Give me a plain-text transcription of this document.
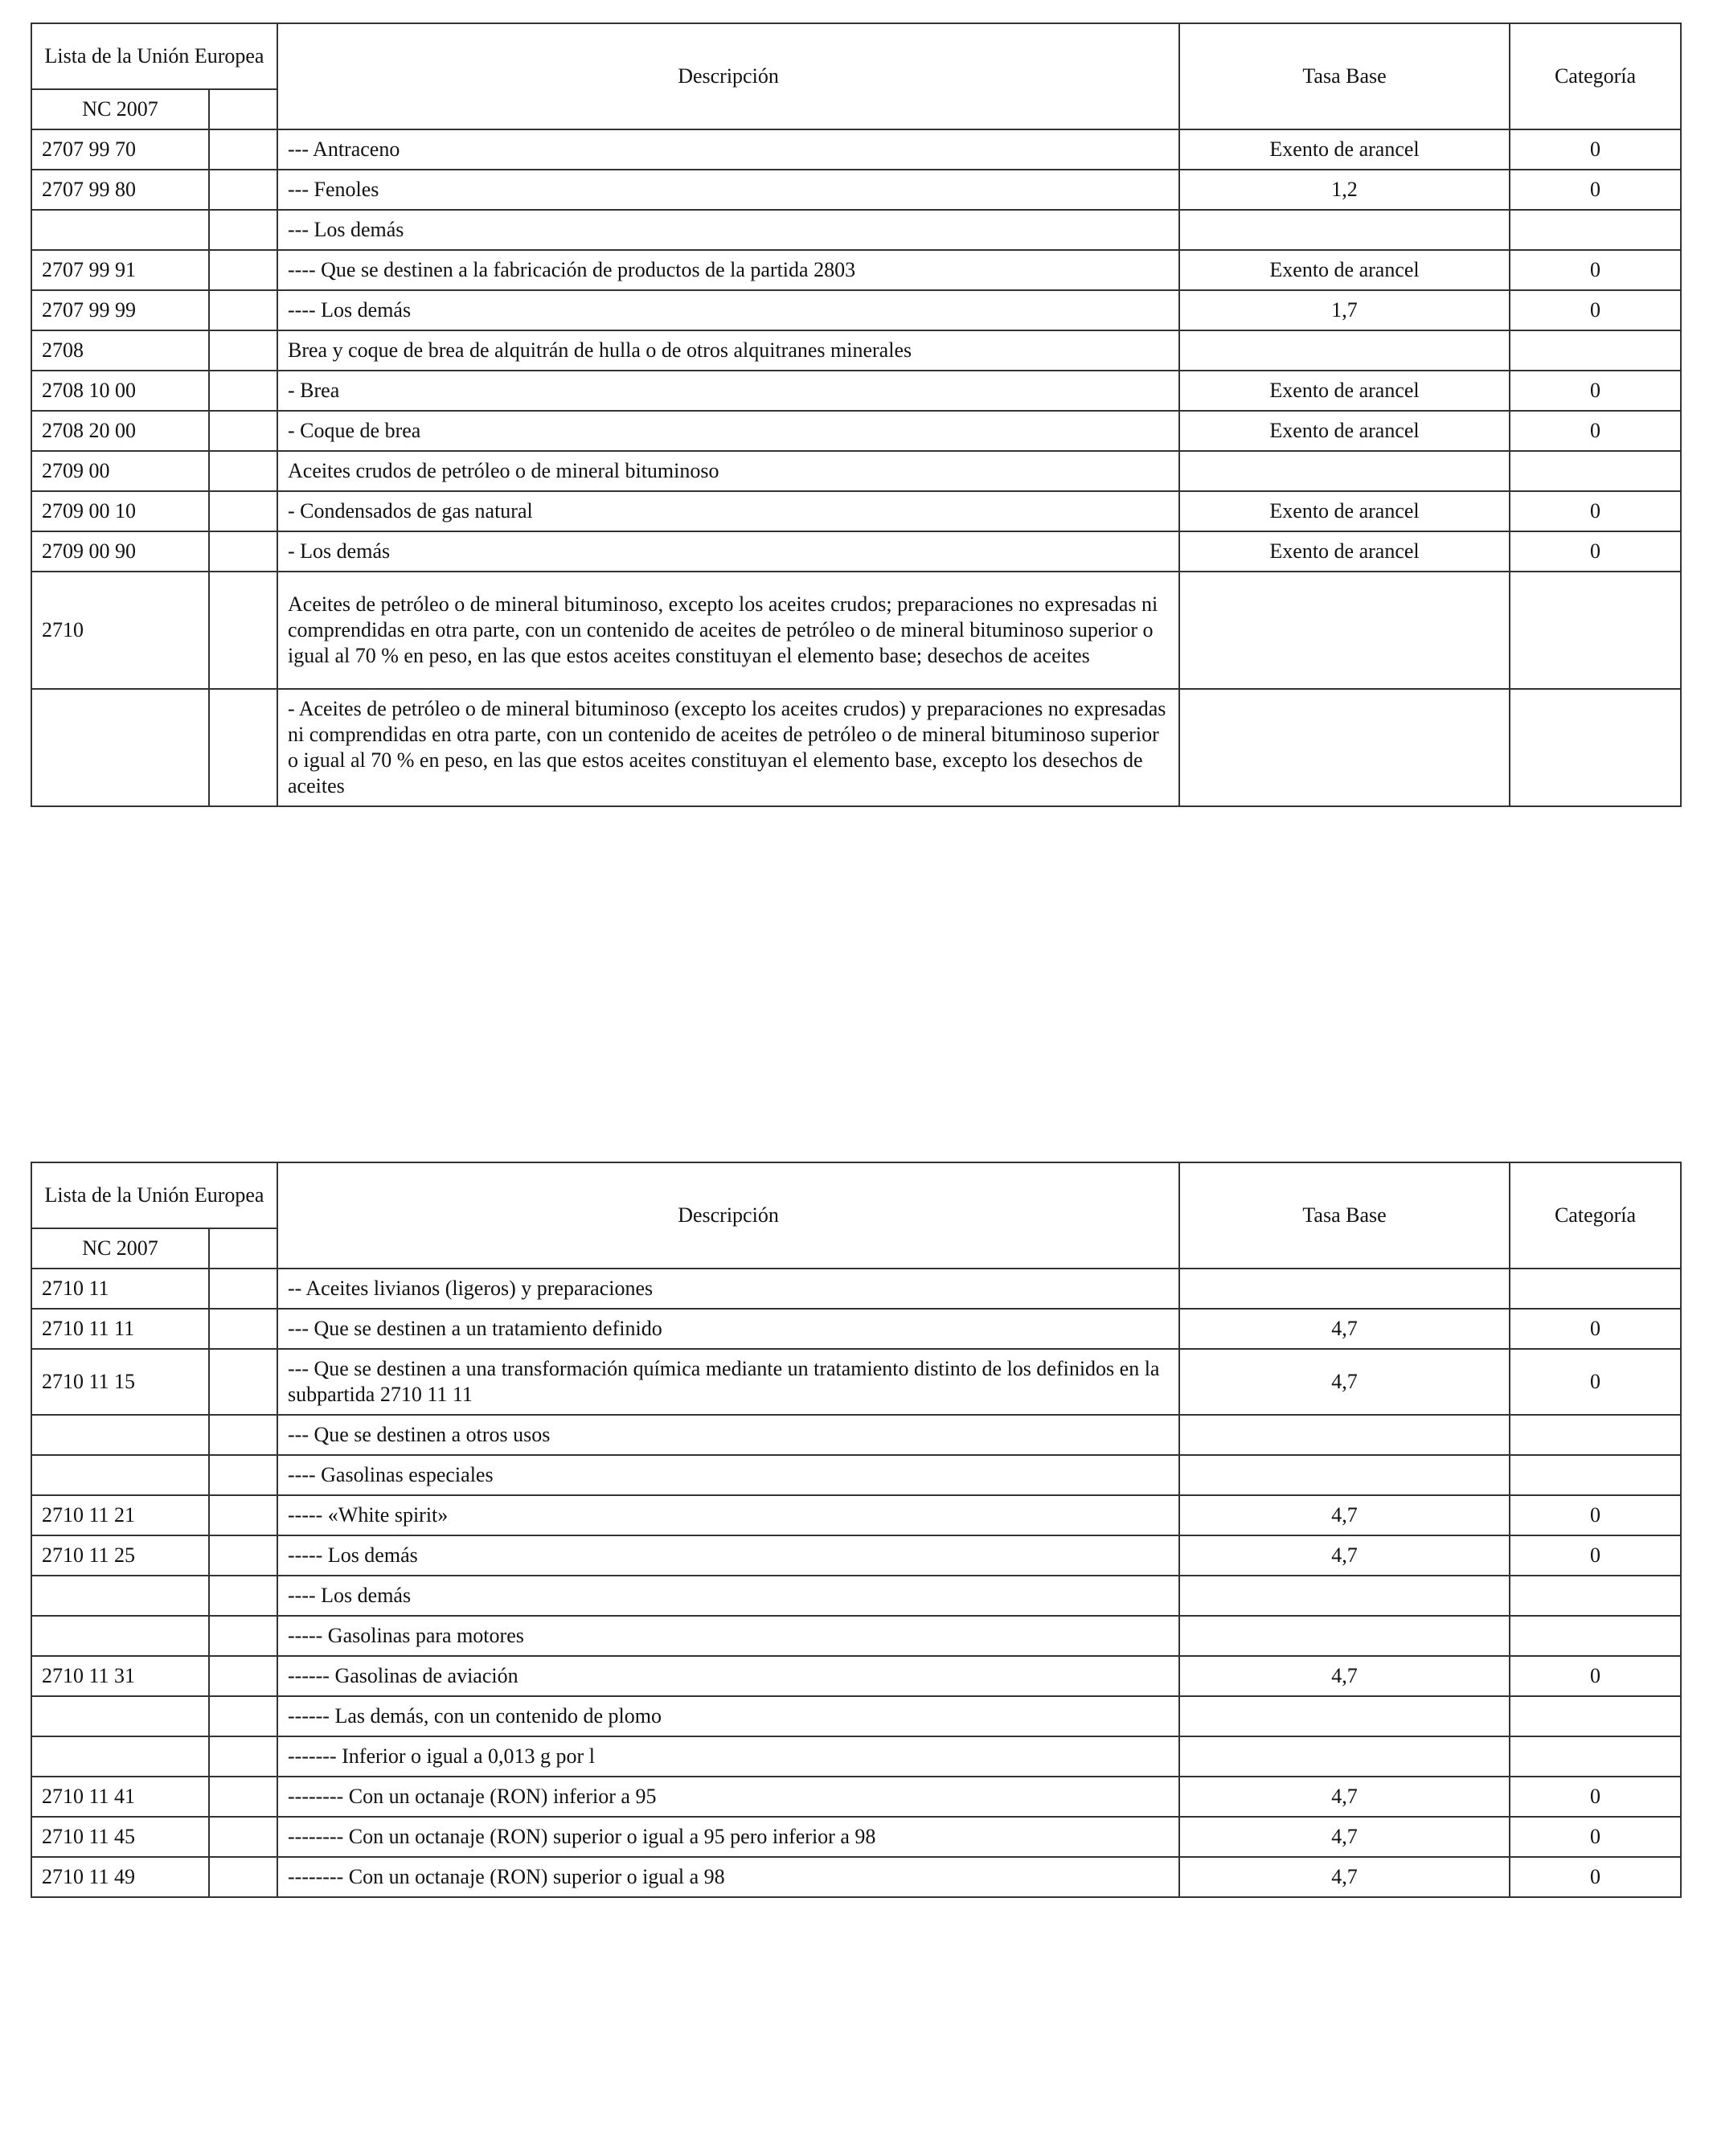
Lista de la Unión Europea		Descripción	Tasa Base	Categoría
NC 2007				
2707 99 70		--- Antraceno	Exento de arancel	0
2707 99 80		--- Fenoles	1,2	0
		--- Los demás		
2707 99 91		---- Que se destinen a la fabricación de productos de la partida 2803	Exento de arancel	0
2707 99 99		---- Los demás	1,7	0
2708		Brea y coque de brea de alquitrán de hulla o de otros alquitranes minerales		
2708 10 00		- Brea	Exento de arancel	0
2708 20 00		- Coque de brea	Exento de arancel	0
2709 00		Aceites crudos de petróleo o de mineral bituminoso		
2709 00 10		- Condensados de gas natural	Exento de arancel	0
2709 00 90		- Los demás	Exento de arancel	0
2710		Aceites de petróleo o de mineral bituminoso, excepto los aceites crudos; preparaciones no expresadas ni comprendidas en otra parte, con un contenido de aceites de petróleo o de mineral bituminoso superior o igual al 70 % en peso, en las que estos aceites constituyan el elemento base; desechos de aceites		
		- Aceites de petróleo o de mineral bituminoso (excepto los aceites crudos) y preparaciones no expresadas ni comprendidas en otra parte, con un contenido de aceites de petróleo o de mineral bituminoso superior o igual al 70 % en peso, en las que estos aceites constituyan el elemento base, excepto los desechos de aceites		
Lista de la Unión Europea		Descripción	Tasa Base	Categoría
NC 2007				
2710 11		-- Aceites livianos (ligeros) y preparaciones		
2710 11 11		--- Que se destinen a un tratamiento definido	4,7	0
2710 11 15		--- Que se destinen a una transformación química mediante un tratamiento distinto de los definidos en la subpartida 2710 11 11	4,7	0
		--- Que se destinen a otros usos		
		---- Gasolinas especiales		
2710 11 21		----- «White spirit»	4,7	0
2710 11 25		----- Los demás	4,7	0
		---- Los demás		
		----- Gasolinas para motores		
2710 11 31		------ Gasolinas de aviación	4,7	0
		------ Las demás, con un contenido de plomo		
		------- Inferior o igual a 0,013 g por l		
2710 11 41		-------- Con un octanaje (RON) inferior a 95	4,7	0
2710 11 45		-------- Con un octanaje (RON) superior o igual a 95 pero inferior a 98	4,7	0
2710 11 49		-------- Con un octanaje (RON) superior o igual a 98	4,7	0
